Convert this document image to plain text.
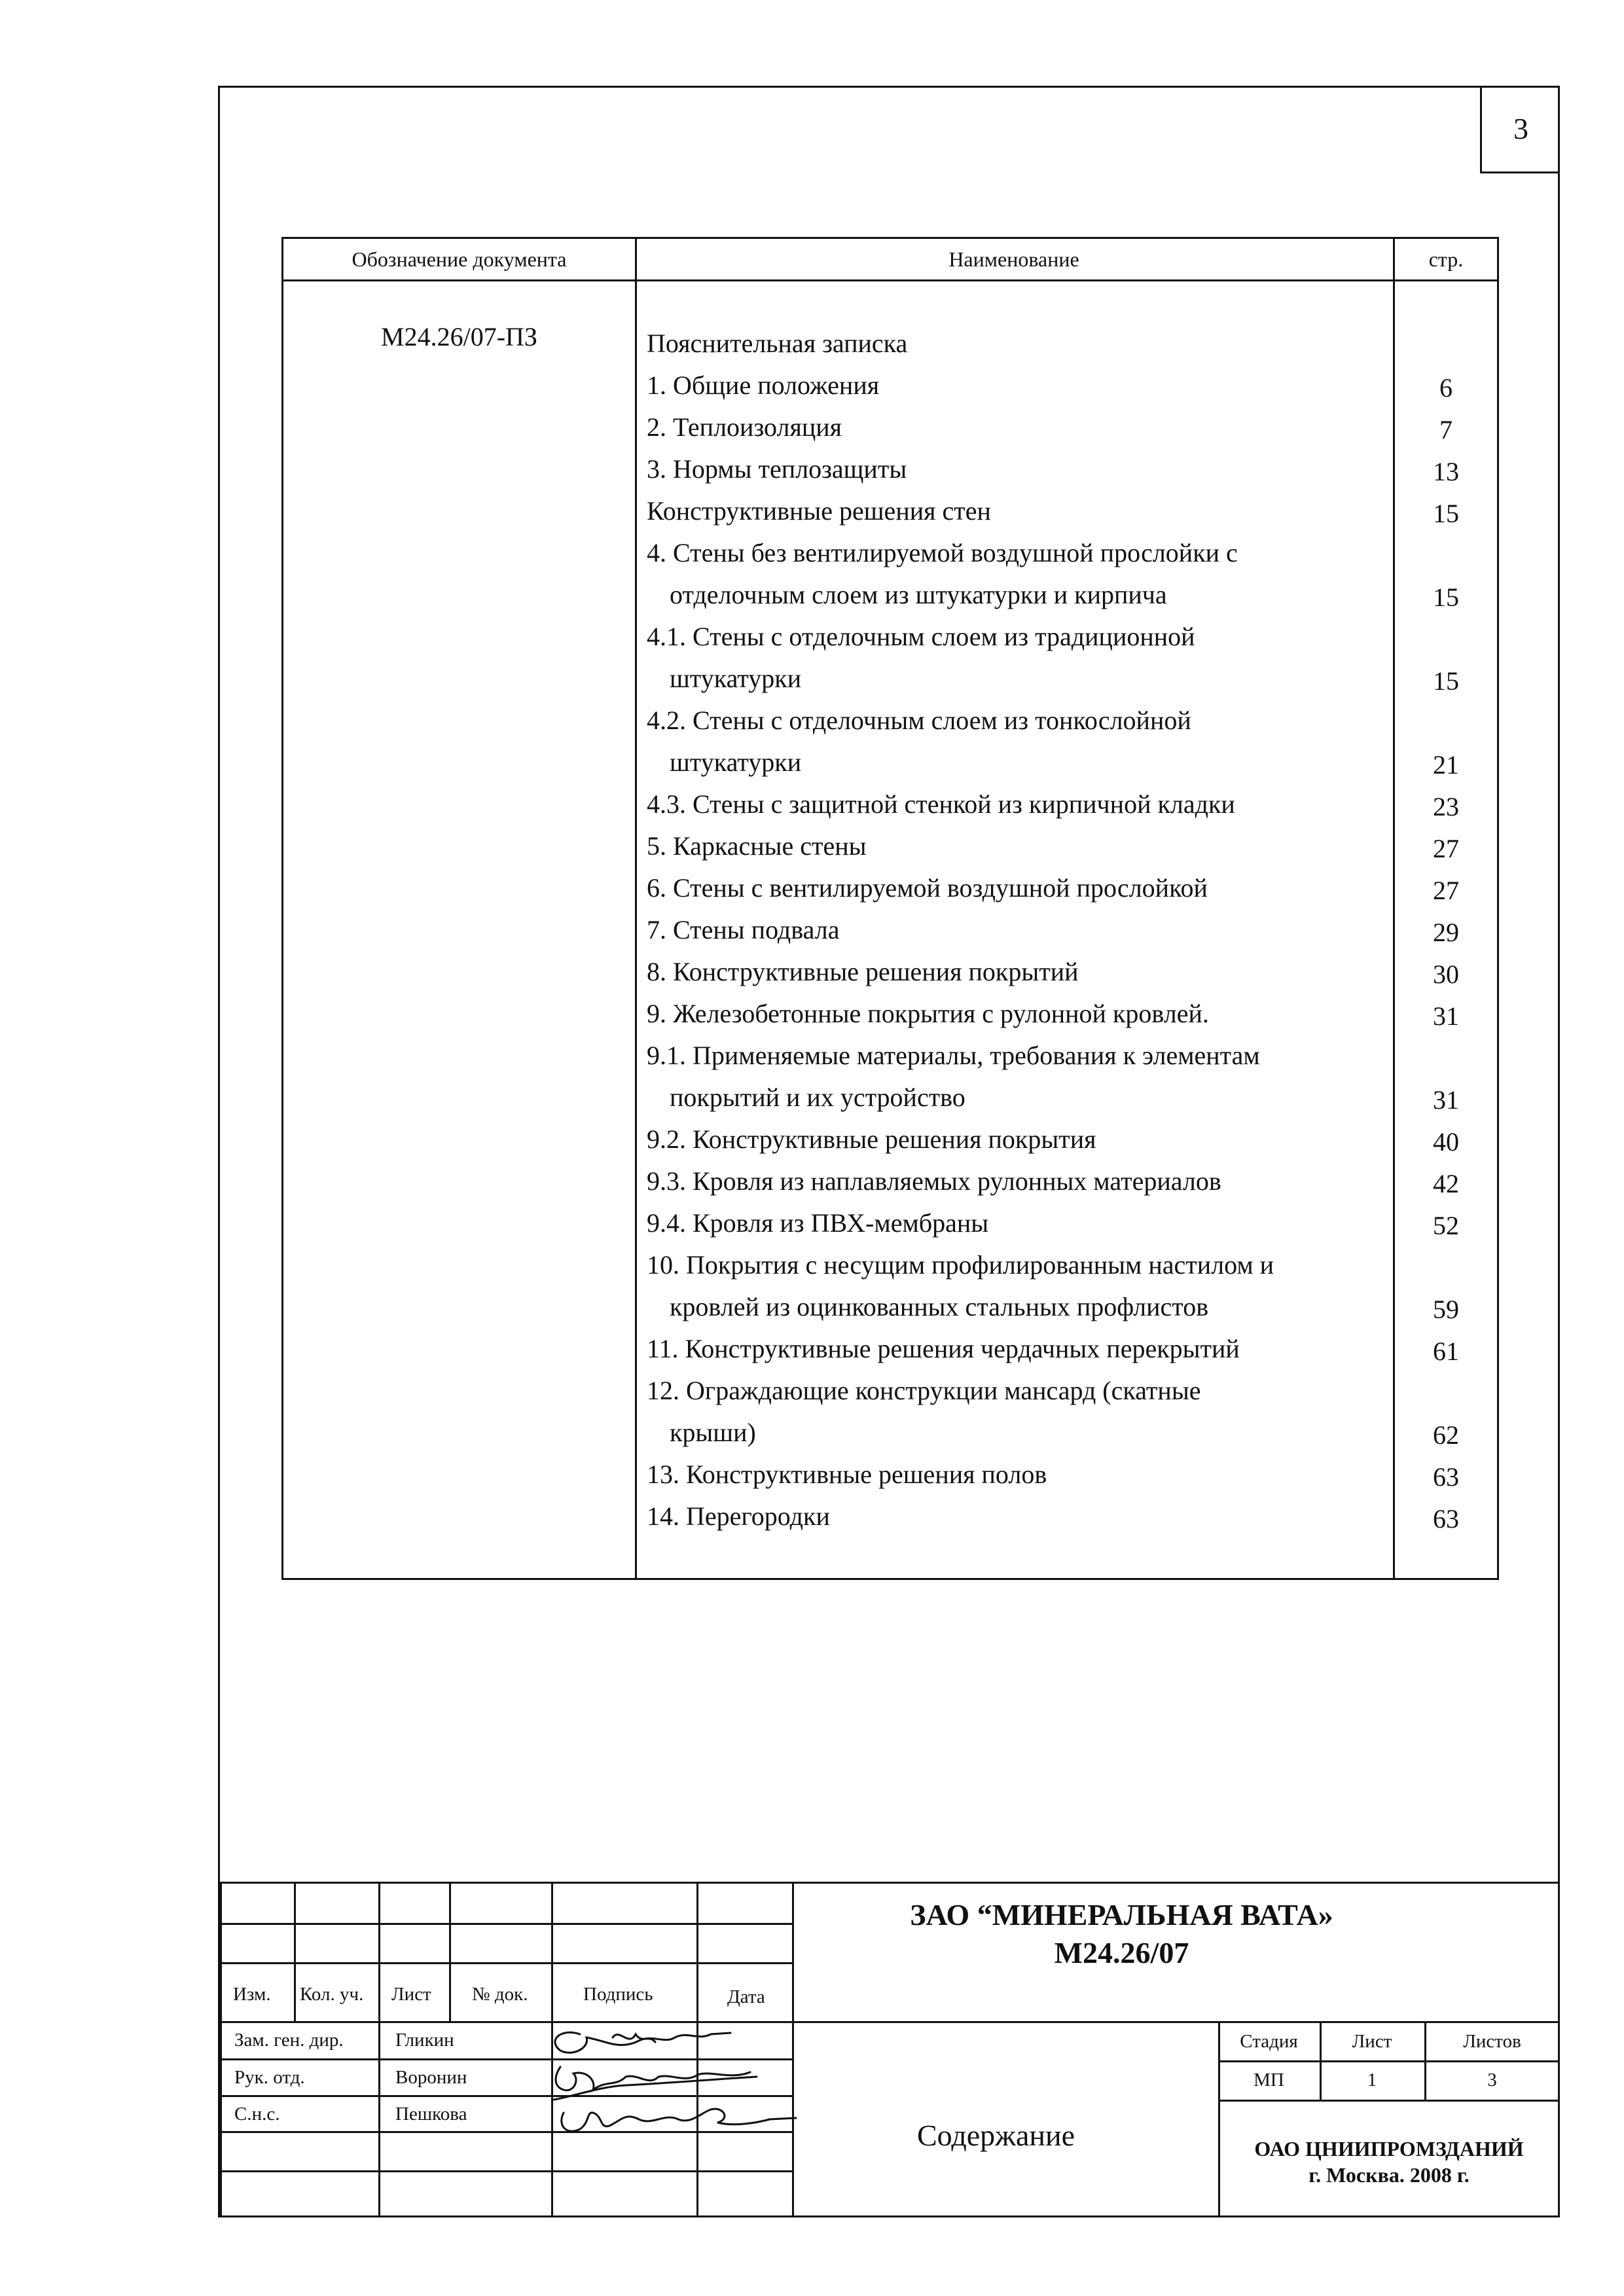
3
Обозначение документа	Наименование	стр.
М24.26/07-ПЗ	Пояснительная записка
1. Общие положения	6
2. Теплоизоляция	7
3. Нормы теплозащиты	13
Конструктивные решения стен	15
4. Стены без вентилируемой воздушной прослойки с
отделочным слоем из штукатурки и кирпича	15
4.1. Стены с отделочным слоем из традиционной
штукатурки	15
4.2. Стены с отделочным слоем из тонкослойной
штукатурки	21
4.3. Стены с защитной стенкой из кирпичной кладки	23
5. Каркасные стены	27
6. Стены с вентилируемой воздушной прослойкой	27
7. Стены подвала	29
8. Конструктивные решения покрытий	30
9. Железобетонные покрытия с рулонной кровлей.	31
9.1. Применяемые материалы, требования к элементам
покрытий и их устройство	31
9.2. Конструктивные решения покрытия	40
9.3. Кровля из наплавляемых рулонных материалов	42
9.4. Кровля из ПВХ-мембраны	52
10. Покрытия с несущим профилированным настилом и
кровлей из оцинкованных стальных профлистов	59
11. Конструктивные решения чердачных перекрытий	61
12. Ограждающие конструкции мансард (скатные
крыши)	62
13. Конструктивные решения полов	63
14. Перегородки	63
Изм. Кол. уч. Лист № док.	Подпись	Дата
Зам. ген. дир.	Гликин
Рук. отд.	Воронин
С.н.с.	Пешкова
ЗАО “МИНЕРАЛЬНАЯ ВАТА»
М24.26/07
Содержание
Стадия	Лист	Листов
МП	1	3
ОАО ЦНИИПРОМЗДАНИЙ
г. Москва. 2008 г.
